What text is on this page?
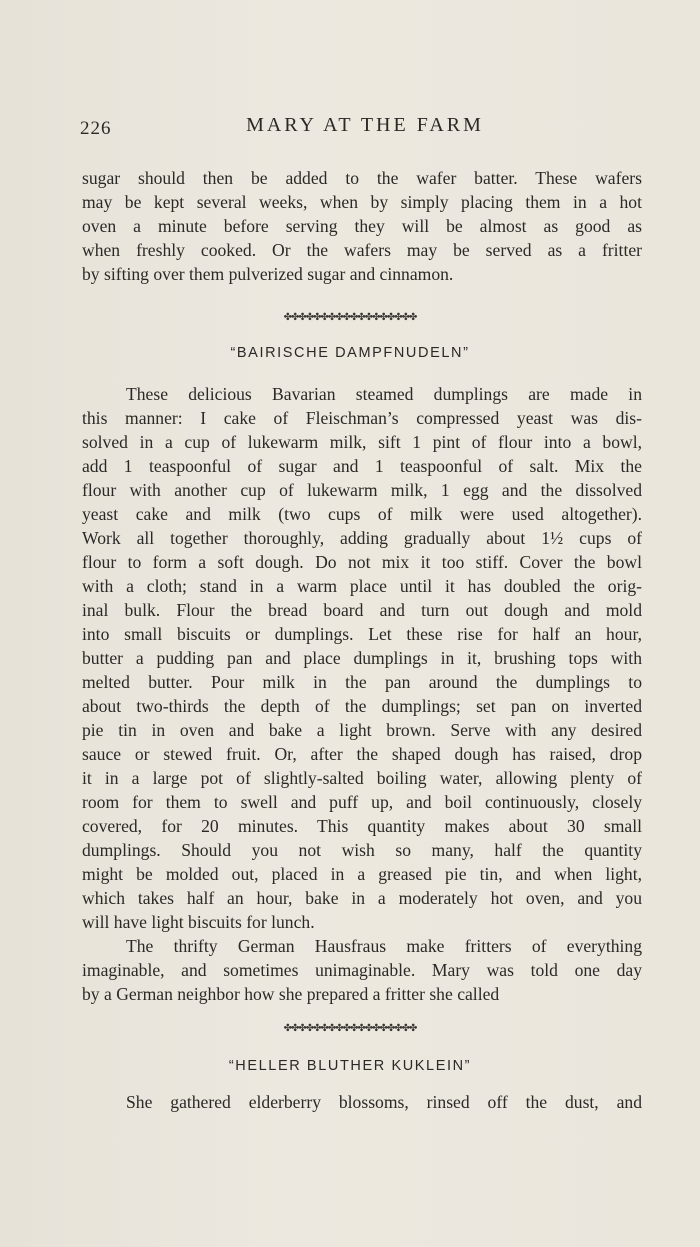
226	MARY AT THE FARM
sugar should then be added to the wafer batter. These wafers
may be kept several weeks, when by simply placing them in a hot
oven a minute before serving they will be almost as good as
when freshly cooked. Or the wafers may be served as a fritter
by sifting over them pulverized sugar and cinnamon.
✤✤✤✤✤✤✤✤✤✤✤✤✤✤✤✤✤✤
“BAIRISCHE DAMPFNUDELN”
These delicious Bavarian steamed dumplings are made in
this manner: I cake of Fleischman’s compressed yeast was dis-
solved in a cup of lukewarm milk, sift 1 pint of flour into a bowl,
add 1 teaspoonful of sugar and 1 teaspoonful of salt. Mix the
flour with another cup of lukewarm milk, 1 egg and the dissolved
yeast cake and milk (two cups of milk were used altogether).
Work all together thoroughly, adding gradually about 1½ cups of
flour to form a soft dough. Do not mix it too stiff. Cover the bowl
with a cloth; stand in a warm place until it has doubled the orig-
inal bulk. Flour the bread board and turn out dough and mold
into small biscuits or dumplings. Let these rise for half an hour,
butter a pudding pan and place dumplings in it, brushing tops with
melted butter. Pour milk in the pan around the dumplings to
about two-thirds the depth of the dumplings; set pan on inverted
pie tin in oven and bake a light brown. Serve with any desired
sauce or stewed fruit. Or, after the shaped dough has raised, drop
it in a large pot of slightly-salted boiling water, allowing plenty of
room for them to swell and puff up, and boil continuously, closely
covered, for 20 minutes. This quantity makes about 30 small
dumplings. Should you not wish so many, half the quantity
might be molded out, placed in a greased pie tin, and when light,
which takes half an hour, bake in a moderately hot oven, and you
will have light biscuits for lunch.
The thrifty German Hausfraus make fritters of everything
imaginable, and sometimes unimaginable. Mary was told one day
by a German neighbor how she prepared a fritter she called
✤✤✤✤✤✤✤✤✤✤✤✤✤✤✤✤✤✤
“HELLER BLUTHER KUKLEIN”
She gathered elderberry blossoms, rinsed off the dust, and
